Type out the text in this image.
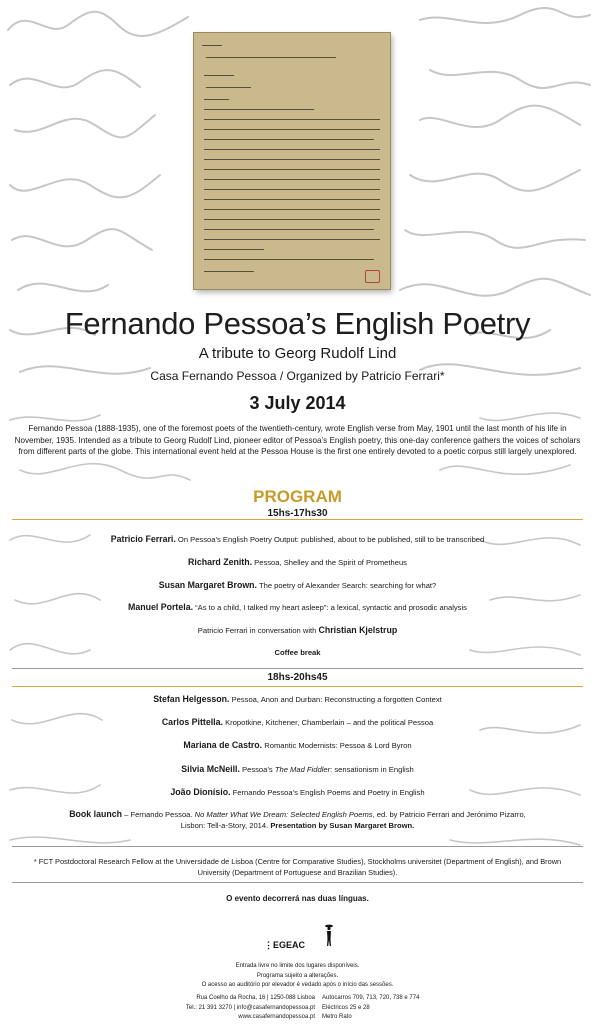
Fernando Pessoa’s English Poetry
A tribute to Georg Rudolf Lind
Casa Fernando Pessoa / Organized by Patricio Ferrari*
3 July 2014
Fernando Pessoa (1888-1935), one of the foremost poets of the twentieth-century, wrote English verse from May, 1901 until the last month of his life in November, 1935. Intended as a tribute to Georg Rudolf Lind, pioneer editor of Pessoa’s English poetry, this one-day conference gathers the voices of scholars from different parts of the globe. This international event held at the Pessoa House is the first one entirely devoted to a poetic corpus still largely unexplored.
PROGRAM
15hs-17hs30
Patricio Ferrari. On Pessoa’s English Poetry Output: published, about to be published, still to be transcribed
Richard Zenith. Pessoa, Shelley and the Spirit of Prometheus
Susan Margaret Brown. The poetry of Alexander Search: searching for what?
Manuel Portela. “As to a child, I talked my heart asleep”: a lexical, syntactic and prosodic analysis
Patricio Ferrari in conversation with Christian Kjelstrup
Coffee break
18hs-20hs45
Stefan Helgesson. Pessoa, Anon and Durban: Reconstructing a forgotten Context
Carlos Pittella. Kropotkine, Kitchener, Chamberlain – and the political Pessoa
Mariana de Castro. Romantic Modernists: Pessoa & Lord Byron
Silvia McNeill. Pessoa’s The Mad Fiddler: sensationism in English
João Dionísio. Fernando Pessoa’s English Poems and Poetry in English
Book launch – Fernando Pessoa. No Matter What We Dream: Selected English Poems, ed. by Patricio Ferrari and Jerónimo Pizarro,
Lisbon: Tell-a-Story, 2014. Presentation by Susan Margaret Brown.
* FCT Postdoctoral Research Fellow at the Universidade de Lisboa (Centre for Comparative Studies), Stockholms universitet (Department of English), and Brown University (Department of Portuguese and Brazilian Studies).
O evento decorrerá nas duas línguas.
⋮EGEAC
Entrada livre no limite dos lugares disponíveis.
Programa sujeito a alterações.
O acesso ao auditório por elevador é vedado após o início das sessões.
Rua Coelho da Rocha, 16 | 1250-088 Lisboa
Tel.: 21 391 3270 | info@casafernandopessoa.pt
www.casafernandopessoa.pt
Autocarros 709, 713, 720, 738 e 774
Eléctricos 25 e 28
Metro Rato
